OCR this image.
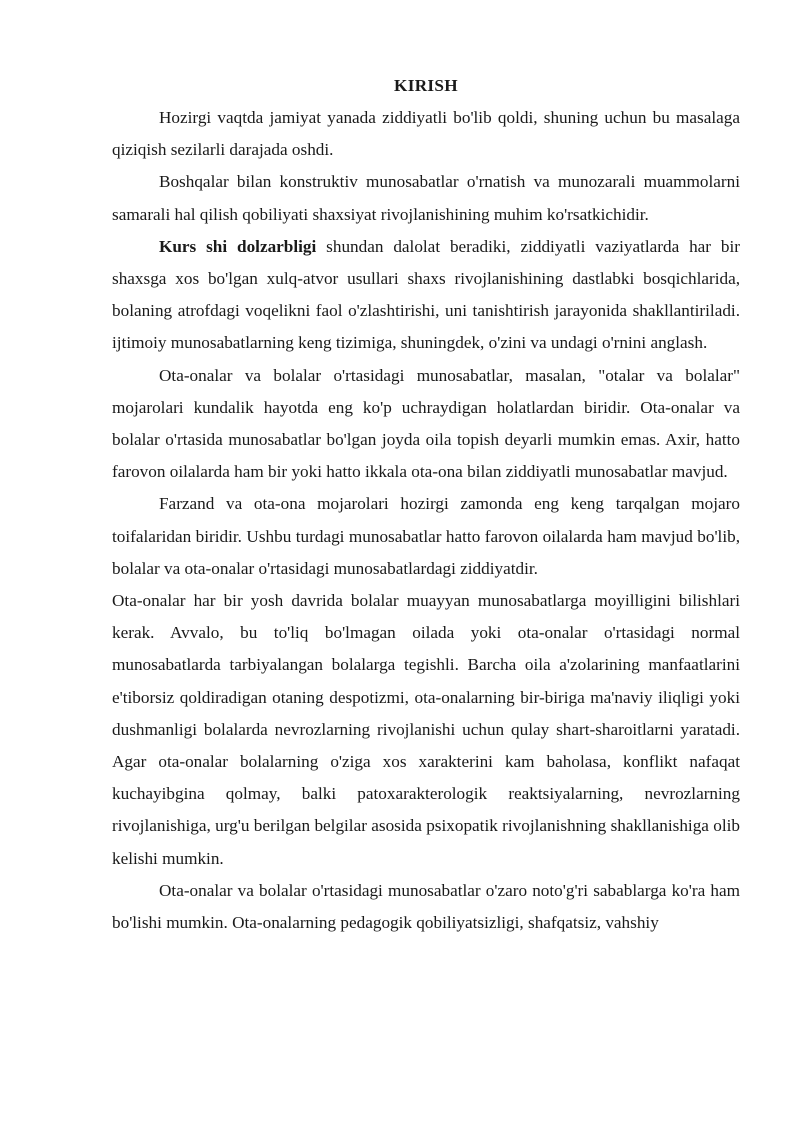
KIRISH

Hozirgi vaqtda jamiyat yanada ziddiyatli bo'lib qoldi, shuning uchun bu masalaga qiziqish sezilarli darajada oshdi.

Boshqalar bilan konstruktiv munosabatlar o'rnatish va munozarali muammolarni samarali hal qilish qobiliyati shaxsiyat rivojlanishining muhim ko'rsatkichidir.

Kurs shi dolzarbligi shundan dalolat beradiki, ziddiyatli vaziyatlarda har bir shaxsga xos bo'lgan xulq-atvor usullari shaxs rivojlanishining dastlabki bosqichlarida, bolaning atrofdagi voqelikni faol o'zlashtirishi, uni tanishtirish jarayonida shakllantiriladi. ijtimoiy munosabatlarning keng tizimiga, shuningdek, o'zini va undagi o'rnini anglash.

Ota-onalar va bolalar o'rtasidagi munosabatlar, masalan, "otalar va bolalar" mojarolari kundalik hayotda eng ko'p uchraydigan holatlardan biridir. Ota-onalar va bolalar o'rtasida munosabatlar bo'lgan joyda oila topish deyarli mumkin emas. Axir, hatto farovon oilalarda ham bir yoki hatto ikkala ota-ona bilan ziddiyatli munosabatlar mavjud.

Farzand va ota-ona mojarolari hozirgi zamonda eng keng tarqalgan mojaro toifalaridan biridir. Ushbu turdagi munosabatlar hatto farovon oilalarda ham mavjud bo'lib, bolalar va ota-onalar o'rtasidagi munosabatlardagi ziddiyatdir.

Ota-onalar har bir yosh davrida bolalar muayyan munosabatlarga moyilligini bilishlari kerak. Avvalo, bu to'liq bo'lmagan oilada yoki ota-onalar o'rtasidagi normal munosabatlarda tarbiyalangan bolalarga tegishli. Barcha oila a'zolarining manfaatlarini e'tiborsiz qoldiradigan otaning despotizmi, ota-onalarning bir-biriga ma'naviy iliqligi yoki dushmanligi bolalarda nevrozlarning rivojlanishi uchun qulay shart-sharoitlarni yaratadi. Agar ota-onalar bolalarning o'ziga xos xarakterini kam baholasa, konflikt nafaqat kuchayibgina qolmay, balki patoxarakterologik reaktsiyalarning, nevrozlarning rivojlanishiga, urg'u berilgan belgilar asosida psixopatik rivojlanishning shakllanishiga olib kelishi mumkin.

Ota-onalar va bolalar o'rtasidagi munosabatlar o'zaro noto'g'ri sabablarga ko'ra ham bo'lishi mumkin. Ota-onalarning pedagogik qobiliyatsizligi, shafqatsiz, vahshiy
